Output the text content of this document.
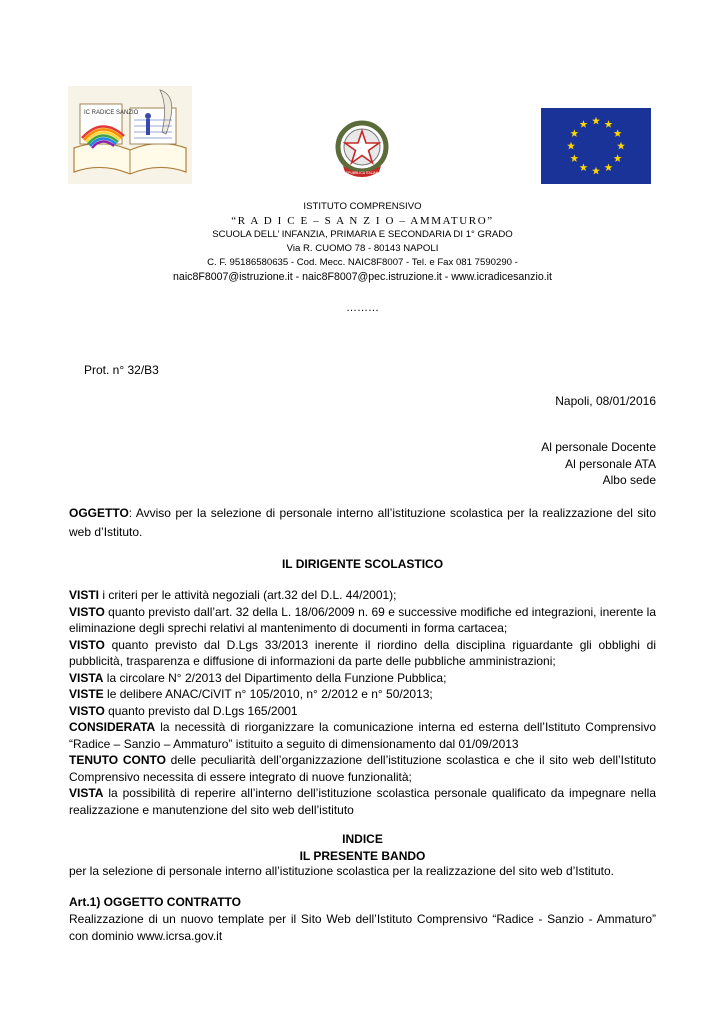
IC RADICE SANZIO
REPUBBLICA ITALIANA
ISTITUTO COMPRENSIVO
“R A D I C E – S A N Z I O – AMMATURO”
SCUOLA DELL’ INFANZIA, PRIMARIA E SECONDARIA DI 1° GRADO
Via R. CUOMO 78 - 80143 NAPOLI
C. F. 95186580635 - Cod. Mecc. NAIC8F8007 - Tel. e Fax 081 7590290 -
naic8F8007@istruzione.it - naic8F8007@pec.istruzione.it - www.icradicesanzio.it
………
Prot. n° 32/B3
Napoli, 08/01/2016
Al personale Docente
Al personale ATA
Albo sede
OGGETTO: Avviso per la selezione di personale interno all’istituzione scolastica per la realizzazione del sito web d’Istituto.
IL DIRIGENTE SCOLASTICO

VISTI i criteri per le attività negoziali (art.32 del D.L. 44/2001);

VISTO quanto previsto dall’art. 32 della L. 18/06/2009 n. 69 e successive modifiche ed integrazioni, inerente la eliminazione degli sprechi relativi al mantenimento di documenti in forma cartacea;

VISTO quanto previsto dal D.Lgs 33/2013 inerente il riordino della disciplina riguardante gli obblighi di pubblicità, trasparenza e diffusione di informazioni da parte delle pubbliche amministrazioni;

VISTA la circolare N° 2/2013 del Dipartimento della Funzione Pubblica;

VISTE le delibere ANAC/CiVIT n° 105/2010, n° 2/2012 e n° 50/2013;

VISTO quanto previsto dal D.Lgs 165/2001

CONSIDERATA la necessità di riorganizzare la comunicazione interna ed esterna dell’Istituto Comprensivo “Radice – Sanzio – Ammaturo” istituito a seguito di dimensionamento dal 01/09/2013

TENUTO CONTO delle peculiarità dell’organizzazione dell’istituzione scolastica e che il sito web dell’Istituto Comprensivo necessita di essere integrato di nuove funzionalità;

VISTA la possibilità di reperire all’interno dell’istituzione scolastica personale qualificato da impegnare nella realizzazione e manutenzione del sito web dell’istituto

INDICE
IL PRESENTE BANDO
per la selezione di personale interno all’istituzione scolastica per la realizzazione del sito web d’Istituto.
Art.1) OGGETTO CONTRATTO
Realizzazione di un nuovo template per il Sito Web dell’Istituto Comprensivo “Radice - Sanzio - Ammaturo” con dominio www.icrsa.gov.it
